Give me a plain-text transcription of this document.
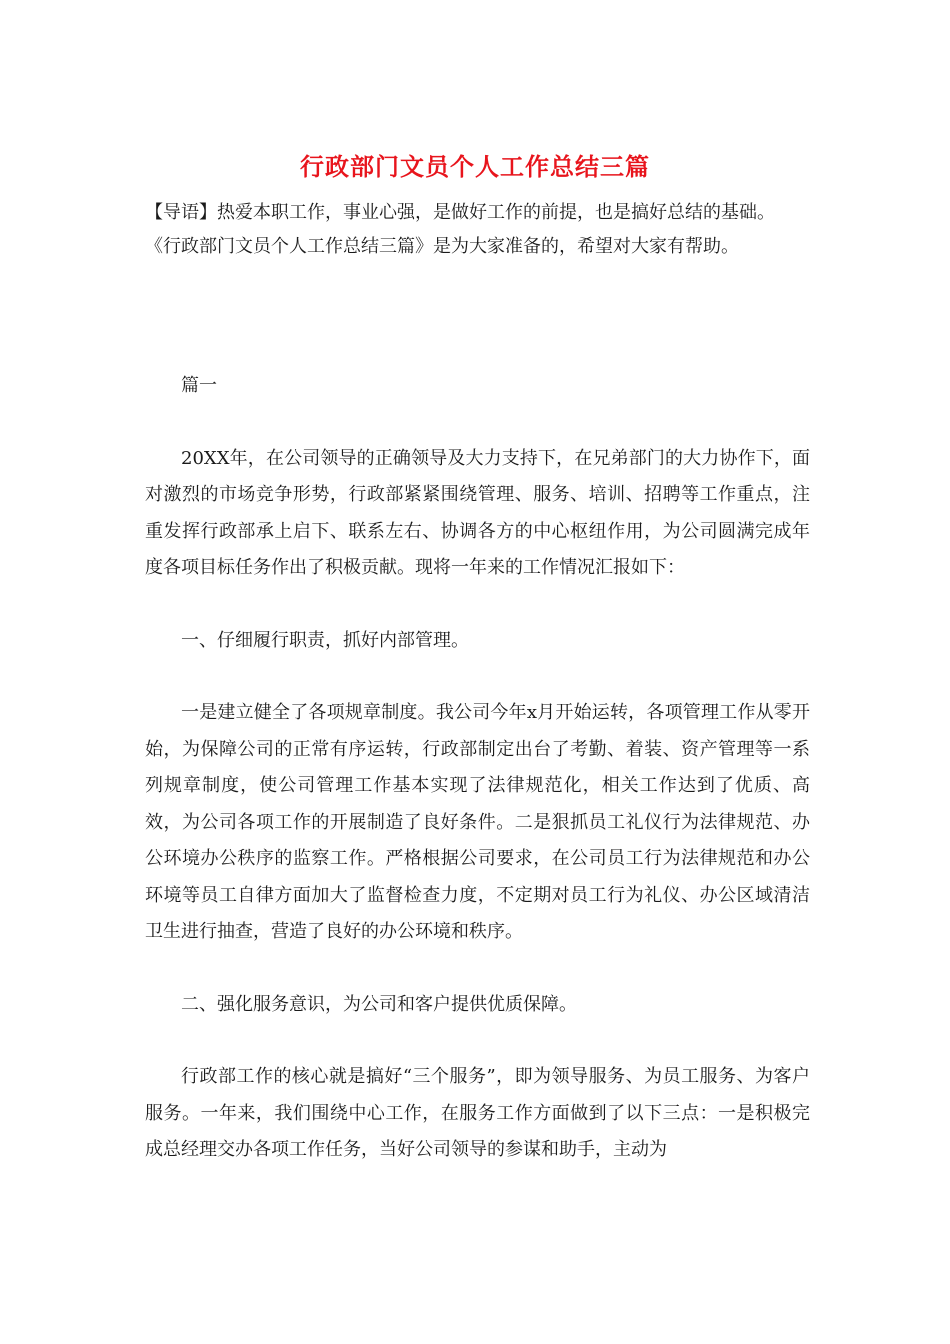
行政部门文员个人工作总结三篇
【导语】热爱本职工作，事业心强，是做好工作的前提，也是搞好总结的基础。
《行政部门文员个人工作总结三篇》是为大家准备的，希望对大家有帮助。

篇一

20XX年，在公司领导的正确领导及大力支持下，在兄弟部门的大力协作下，面对激烈的市场竞争形势，行政部紧紧围绕管理、服务、培训、招聘等工作重点，注重发挥行政部承上启下、联系左右、协调各方的中心枢纽作用，为公司圆满完成年度各项目标任务作出了积极贡献。现将一年来的工作情况汇报如下：

一、仔细履行职责，抓好内部管理。

一是建立健全了各项规章制度。我公司今年x月开始运转，各项管理工作从零开始，为保障公司的正常有序运转，行政部制定出台了考勤、着装、资产管理等一系列规章制度，使公司管理工作基本实现了法律规范化，相关工作达到了优质、高效，为公司各项工作的开展制造了良好条件。二是狠抓员工礼仪行为法律规范、办公环境办公秩序的监察工作。严格根据公司要求，在公司员工行为法律规范和办公环境等员工自律方面加大了监督检查力度，不定期对员工行为礼仪、办公区域清洁卫生进行抽查，营造了良好的办公环境和秩序。

二、强化服务意识，为公司和客户提供优质保障。

行政部工作的核心就是搞好“三个服务”，即为领导服务、为员工服务、为客户服务。一年来，我们围绕中心工作，在服务工作方面做到了以下三点：一是积极完成总经理交办各项工作任务，当好公司领导的参谋和助手，主动为
